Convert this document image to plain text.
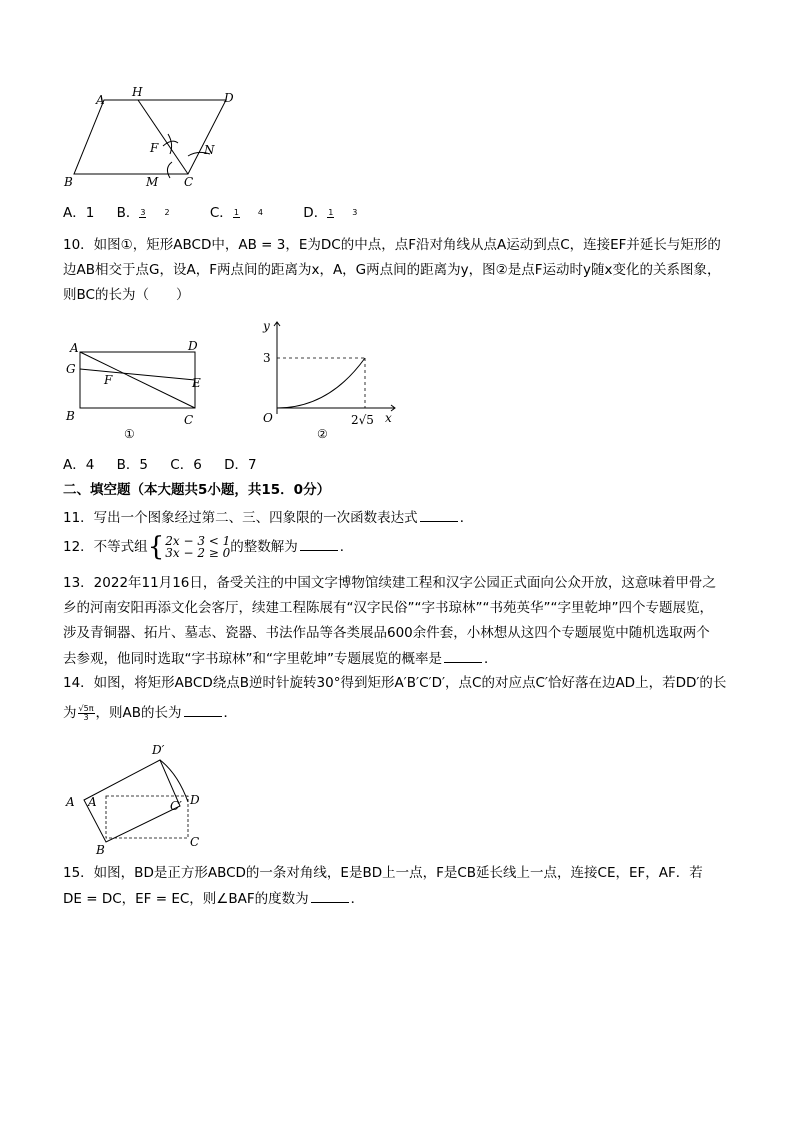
A
H	D
F	N
B	M C
A．1 B．3 2	C．1 4	D．1 3
10．如图①，矩形ABCD中，AB = 3，E为DC的中点，点F沿对角线从点A运动到点C，连接EF并延长与矩形的
边AB相交于点G，设A，F两点间的距离为x，A，G两点间的距离为y，图②是点F运动时y随x变化的关系图象，
则BC的长为（　　）
A	D
G
F	E
B	C
①
y
x
3
O	2√5
②
A．4 B．5 C．6 D．7
二、填空题（本大题共5小题，共15．0分）
11．写出一个图象经过第二、三、四象限的一次函数表达式	．
12．不等式组 { 2x − 3 < 1
3x − 2 ≥ 0 的整数解为	．
13．2022年11月16日，备受关注的中国文字博物馆续建工程和汉字公园正式面向公众开放，这意味着甲骨之
乡的河南安阳再添文化会客厅，续建工程陈展有“汉字民俗”“字书琼林”“书苑英华”“字里乾坤”四个专题展览，
涉及青铜器、拓片、墓志、瓷器、书法作品等各类展品600余件套，小林想从这四个专题展览中随机选取两个
去参观，他同时选取“字书琼林”和“字里乾坤”专题展览的概率是	．
14．如图，将矩形ABCD绕点B逆时针旋转30°得到矩形A′B′C′D′，点C的对应点C′恰好落在边AD上，若DD′的长
为 $\frac{√5\pi}{3}$ ，则AB的长为	．
D′
A A	C′ D
B
C
15．如图，BD是正方形ABCD的一条对角线，E是BD上一点，F是CB延长线上一点，连接CE，EF，AF．若
DE = DC，EF = EC，则∠BAF的度数为	．
